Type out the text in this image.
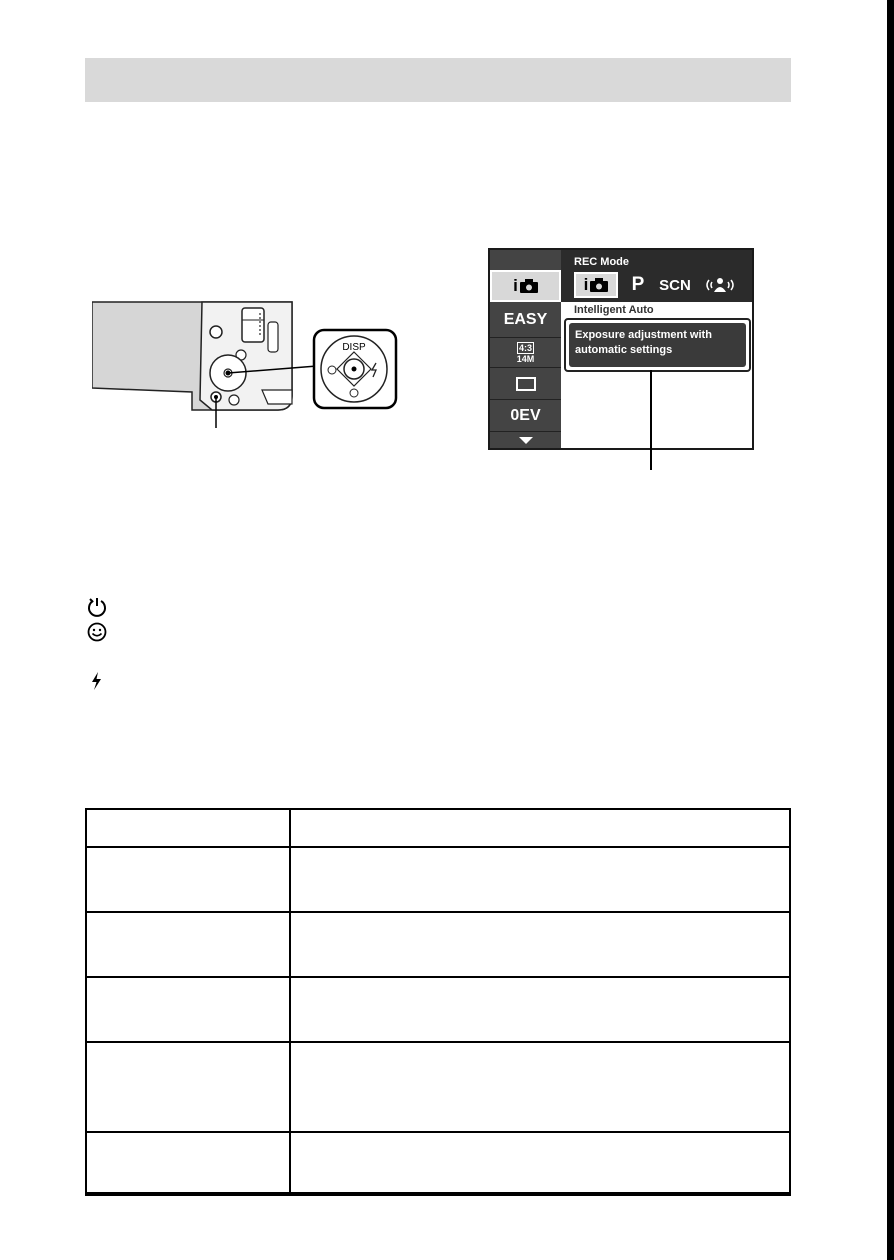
DISP
i
EASY
4:3
14M
0EV
REC Mode
i	P SCN
Intelligent Auto
Exposure adjustment with
automatic settings
